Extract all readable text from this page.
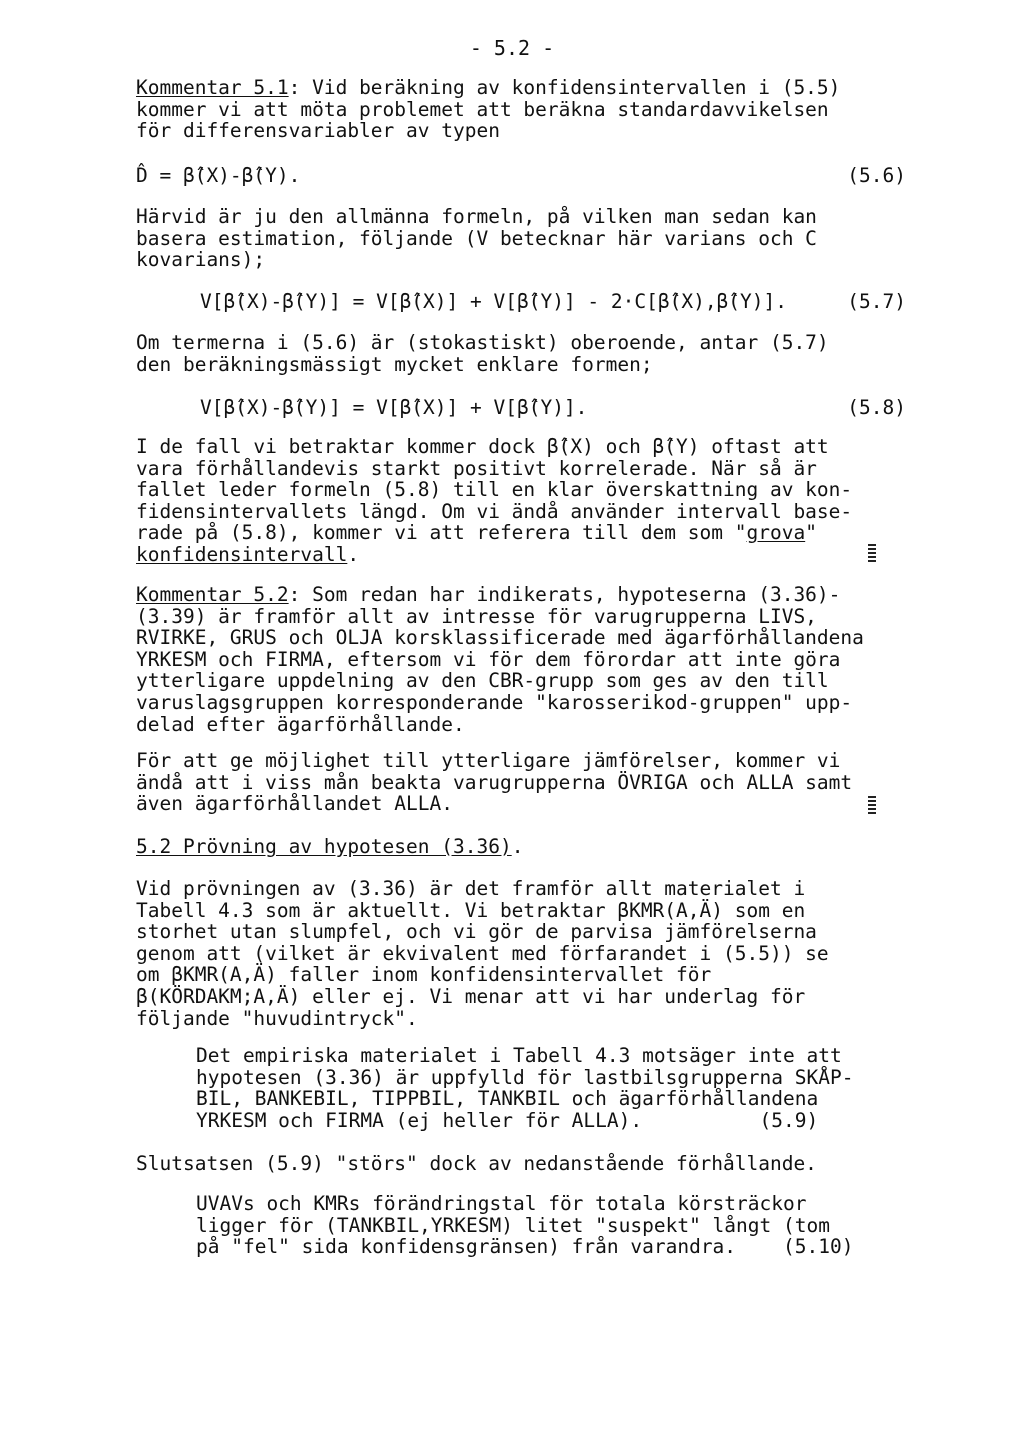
- 5.2 -
Kommentar 5.1: Vid beräkning av konfidensintervallen i (5.5)
kommer vi att möta problemet att beräkna standardavvikelsen
för differensvariabler av typen

D̂ = β̂(X)-β̂(Y).

	(5.6)

Härvid är ju den allmänna formeln, på vilken man sedan kan
basera estimation, följande (V betecknar här varians och C
kovarians);

V[β̂(X)-β̂(Y)] = V[β̂(X)] + V[β̂(Y)] - 2·C[β̂(X),β̂(Y)].

	(5.7)

Om termerna i (5.6) är (stokastiskt) oberoende, antar (5.7)
den beräkningsmässigt mycket enklare formen;

V[β̂(X)-β̂(Y)] = V[β̂(X)] + V[β̂(Y)].

	(5.8)

I de fall vi betraktar kommer dock β̂(X) och β̂(Y) oftast att
vara förhållandevis starkt positivt korrelerade. När så är
fallet leder formeln (5.8) till en klar överskattning av kon-
fidensintervallets längd. Om vi ändå använder intervall base-
rade på (5.8), kommer vi att referera till dem som "grova"
konfidensintervall.
Kommentar 5.2: Som redan har indikerats, hypoteserna (3.36)-
(3.39) är framför allt av intresse för varugrupperna LIVS,
RVIRKE, GRUS och OLJA korsklassificerade med ägarförhållandena
YRKESM och FIRMA, eftersom vi för dem förordar att inte göra
ytterligare uppdelning av den CBR-grupp som ges av den till
varuslagsgruppen korresponderande "karosserikod-gruppen" upp-
delad efter ägarförhållande.
För att ge möjlighet till ytterligare jämförelser, kommer vi
ändå att i viss mån beakta varugrupperna ÖVRIGA och ALLA samt
även ägarförhållandet ALLA.
5.2 Prövning av hypotesen (3.36).
Vid prövningen av (3.36) är det framför allt materialet i
Tabell 4.3 som är aktuellt. Vi betraktar βKMR(A,Ä) som en
storhet utan slumpfel, och vi gör de parvisa jämförelserna
genom att (vilket är ekvivalent med förfarandet i (5.5)) se
om βKMR(A,Ä) faller inom konfidensintervallet för
β(KÖRDAKM;A,Ä) eller ej. Vi menar att vi har underlag för
följande "huvudintryck".
Det empiriska materialet i Tabell 4.3 motsäger inte att
hypotesen (3.36) är uppfylld för lastbilsgrupperna SKÅP-
BIL, BANKEBIL, TIPPBIL, TANKBIL och ägarförhållandena
YRKESM och FIRMA (ej heller för ALLA).          (5.9)
Slutsatsen (5.9) "störs" dock av nedanstående förhållande.
UVAVs och KMRs förändringstal för totala körsträckor
ligger för (TANKBIL,YRKESM) litet "suspekt" långt (tom
på "fel" sida konfidensgränsen) från varandra.    (5.10)
